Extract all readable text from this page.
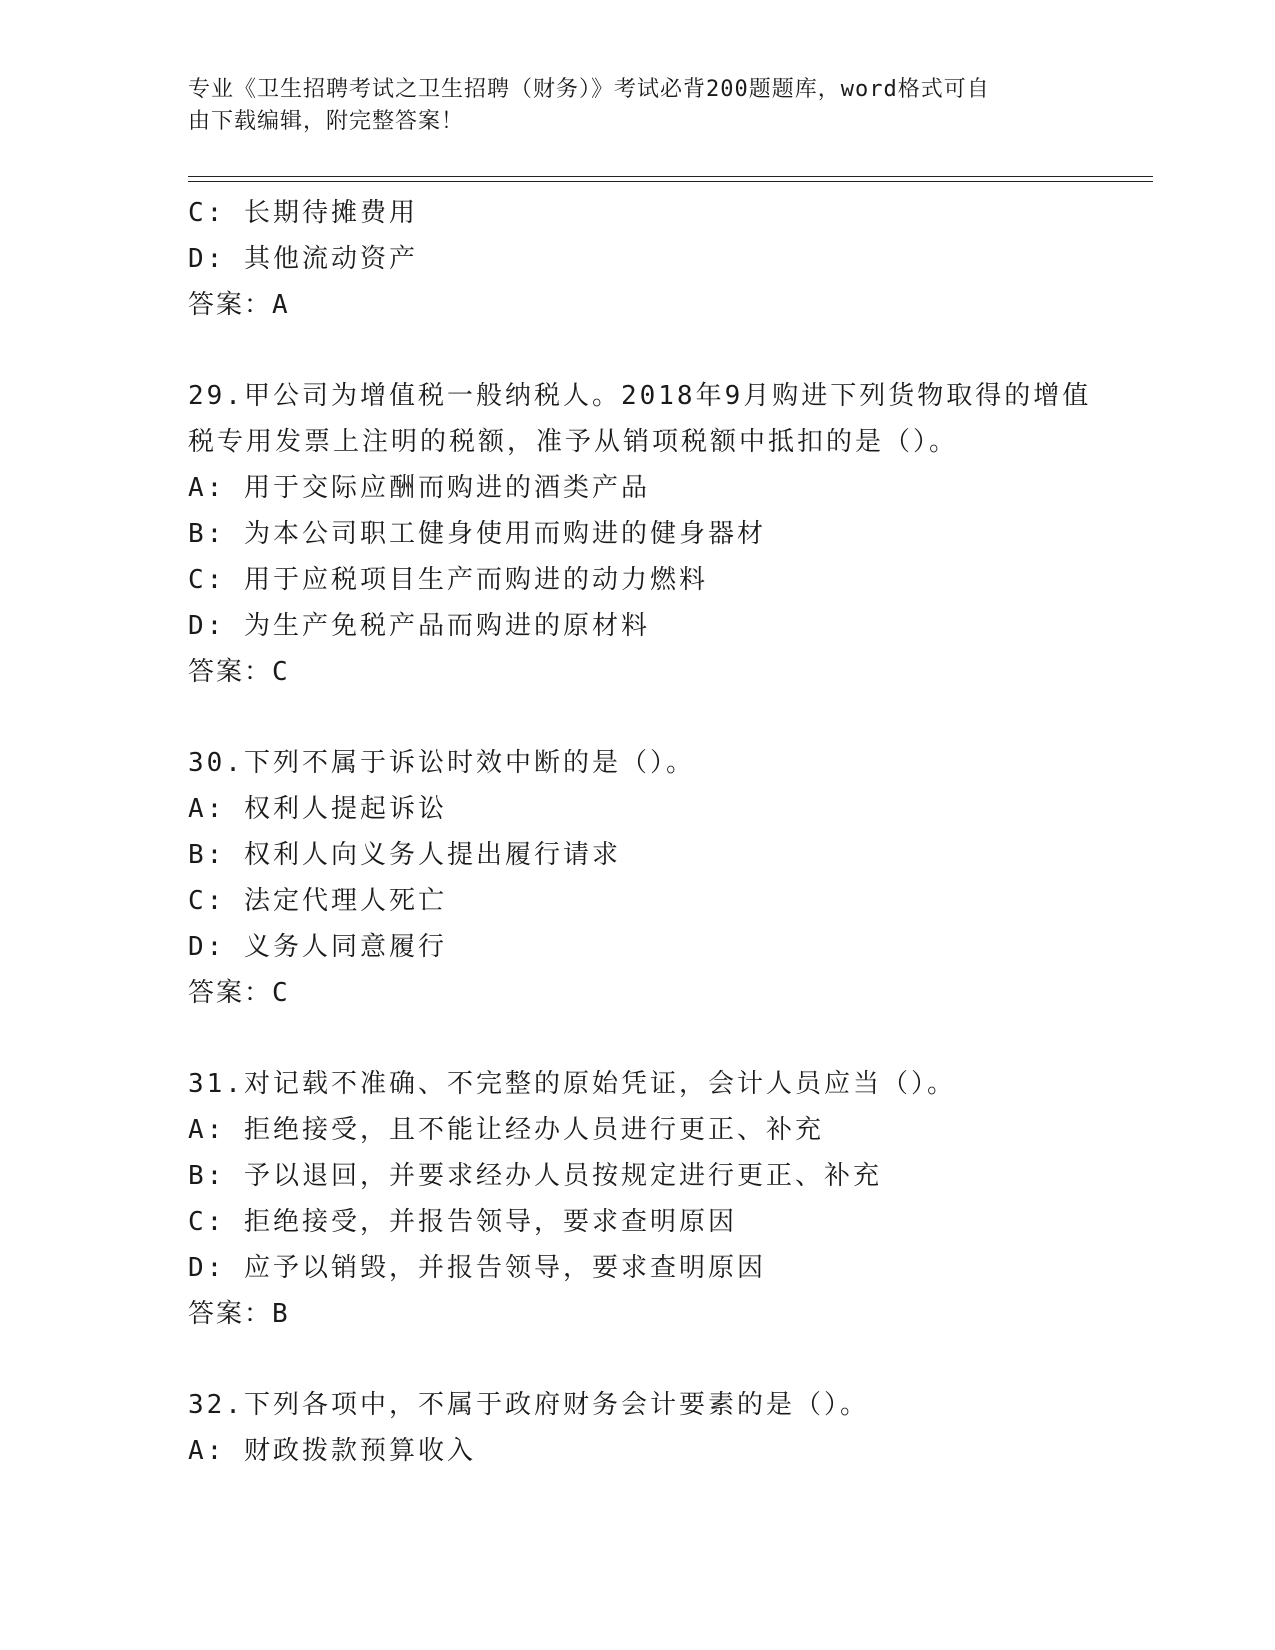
专业《卫生招聘考试之卫生招聘（财务）》考试必背200题题库，word格式可自
由下载编辑，附完整答案！
C: 长期待摊费用
D: 其他流动资产
答案：A
29.甲公司为增值税一般纳税人。2018年9月购进下列货物取得的增值
税专用发票上注明的税额，准予从销项税额中抵扣的是（）。
A: 用于交际应酬而购进的酒类产品
B: 为本公司职工健身使用而购进的健身器材
C: 用于应税项目生产而购进的动力燃料
D: 为生产免税产品而购进的原材料
答案：C
30.下列不属于诉讼时效中断的是（）。
A: 权利人提起诉讼
B: 权利人向义务人提出履行请求
C: 法定代理人死亡
D: 义务人同意履行
答案：C
31.对记载不准确、不完整的原始凭证，会计人员应当（）。
A: 拒绝接受，且不能让经办人员进行更正、补充
B: 予以退回，并要求经办人员按规定进行更正、补充
C: 拒绝接受，并报告领导，要求查明原因
D: 应予以销毁，并报告领导，要求查明原因
答案：B
32.下列各项中，不属于政府财务会计要素的是（）。
A: 财政拨款预算收入
